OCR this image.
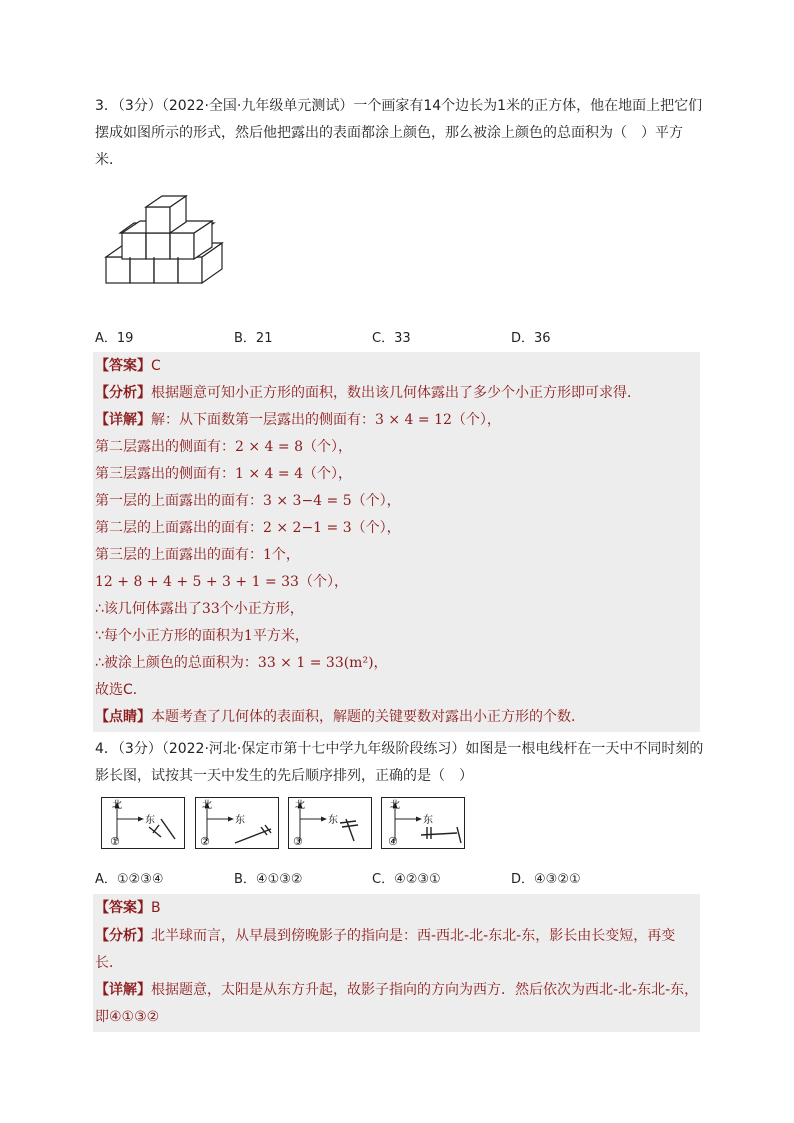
3．（3分）（2022·全国·九年级单元测试）一个画家有14个边长为1米的正方体，他在地面上把它们摆成如图所示的形式，然后他把露出的表面都涂上颜色，那么被涂上颜色的总面积为（　）平方米．
A．19	B．21	C．33	D．36
【答案】C
【分析】根据题意可知小正方形的面积，数出该几何体露出了多少个小正方形即可求得．
【详解】解：从下面数第一层露出的侧面有：3 × 4 = 12（个），
第二层露出的侧面有：2 × 4 = 8（个），
第三层露出的侧面有：1 × 4 = 4（个），
第一层的上面露出的面有：3 × 3−4 = 5（个），
第二层的上面露出的面有：2 × 2−1 = 3（个），
第三层的上面露出的面有：1个，
12 + 8 + 4 + 5 + 3 + 1 = 33（个），
∴该几何体露出了33个小正方形，
∵每个小正方形的面积为1平方米，
∴被涂上颜色的总面积为：33 × 1 = 33(m²)，
故选C．
【点睛】本题考查了几何体的表面积，解题的关键要数对露出小正方形的个数．
4．（3分）（2022·河北·保定市第十七中学九年级阶段练习）如图是一根电线杆在一天中不同时刻的影长图，试按其一天中发生的先后顺序排列，正确的是（　）
北
东
①
北
东
②
北
东
③
北
东
④
A．①②③④	B．④①③②	C．④②③①	D．④③②①
【答案】B
【分析】北半球而言，从早晨到傍晚影子的指向是：西-西北-北-东北-东，影长由长变短，再变长．
【详解】根据题意，太阳是从东方升起，故影子指向的方向为西方．然后依次为西北-北-东北-东，即④①③②
